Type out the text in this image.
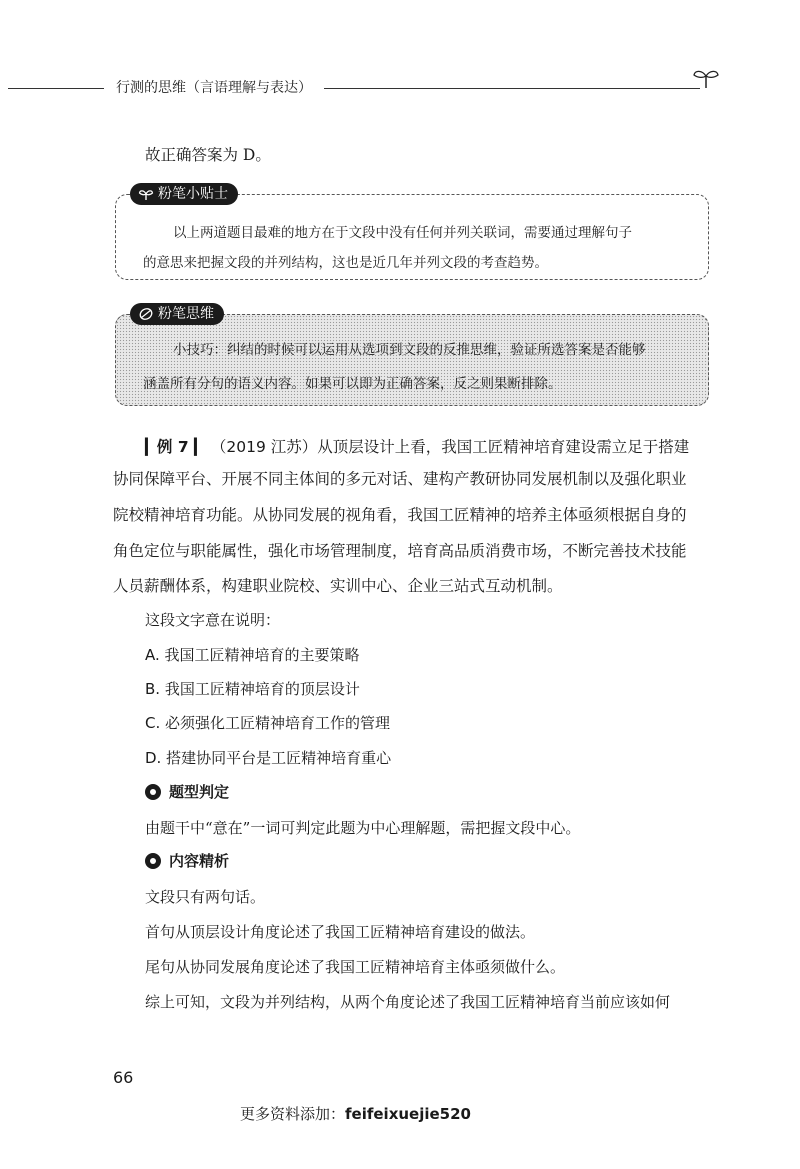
行测的思维（言语理解与表达）
故正确答案为 D。
粉笔小贴士
以上两道题目最难的地方在于文段中没有任何并列关联词，需要通过理解句子
的意思来把握文段的并列结构，这也是近几年并列文段的考查趋势。
粉笔思维
小技巧：纠结的时候可以运用从选项到文段的反推思维，验证所选答案是否能够
涵盖所有分句的语义内容。如果可以即为正确答案，反之则果断排除。
▎例 7 ▎ （2019 江苏）从顶层设计上看，我国工匠精神培育建设需立足于搭建
协同保障平台、开展不同主体间的多元对话、建构产教研协同发展机制以及强化职业
院校精神培育功能。从协同发展的视角看，我国工匠精神的培养主体亟须根据自身的
角色定位与职能属性，强化市场管理制度，培育高品质消费市场，不断完善技术技能
人员薪酬体系，构建职业院校、实训中心、企业三站式互动机制。
这段文字意在说明：
A. 我国工匠精神培育的主要策略
B. 我国工匠精神培育的顶层设计
C. 必须强化工匠精神培育工作的管理
D. 搭建协同平台是工匠精神培育重心
题型判定
由题干中“意在”一词可判定此题为中心理解题，需把握文段中心。
内容精析
文段只有两句话。
首句从顶层设计角度论述了我国工匠精神培育建设的做法。
尾句从协同发展角度论述了我国工匠精神培育主体亟须做什么。
综上可知，文段为并列结构，从两个角度论述了我国工匠精神培育当前应该如何
66
更多资料添加：feifeixuejie520
